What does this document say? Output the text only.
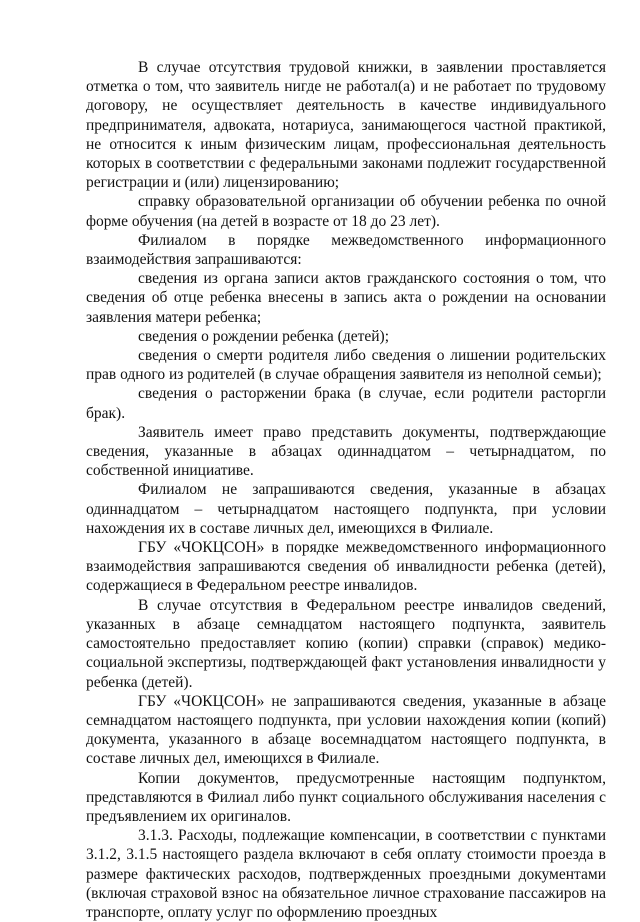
В случае отсутствия трудовой книжки, в заявлении проставляется отметка о том, что заявитель нигде не работал(а) и не работает по трудовому договору, не осуществляет деятельность в качестве индивидуального предпринимателя, адвоката, нотариуса, занимающегося частной практикой, не относится к иным физическим лицам, профессиональная деятельность которых в соответствии с федеральными законами подлежит государственной регистрации и (или) лицензированию;

справку образовательной организации об обучении ребенка по очной форме обучения (на детей в возрасте от 18 до 23 лет).

Филиалом в порядке межведомственного информационного взаимодействия запрашиваются:

сведения из органа записи актов гражданского состояния о том, что сведения об отце ребенка внесены в запись акта о рождении на основании заявления матери ребенка;

сведения о рождении ребенка (детей);

сведения о смерти родителя либо сведения о лишении родительских прав одного из родителей (в случае обращения заявителя из неполной семьи);

сведения о расторжении брака (в случае, если родители расторгли брак).

Заявитель имеет право представить документы, подтверждающие сведения, указанные в абзацах одиннадцатом – четырнадцатом, по собственной инициативе.

Филиалом не запрашиваются сведения, указанные в абзацах одиннадцатом – четырнадцатом настоящего подпункта, при условии нахождения их в составе личных дел, имеющихся в Филиале.

ГБУ «ЧОКЦСОН» в порядке межведомственного информационного взаимодействия запрашиваются сведения об инвалидности ребенка (детей), содержащиеся в Федеральном реестре инвалидов.

В случае отсутствия в Федеральном реестре инвалидов сведений, указанных в абзаце семнадцатом настоящего подпункта, заявитель самостоятельно предоставляет копию (копии) справки (справок) медико-социальной экспертизы, подтверждающей факт установления инвалидности у ребенка (детей).

ГБУ «ЧОКЦСОН» не запрашиваются сведения, указанные в абзаце семнадцатом настоящего подпункта, при условии нахождения копии (копий) документа, указанного в абзаце восемнадцатом настоящего подпункта, в составе личных дел, имеющихся в Филиале.

Копии документов, предусмотренные настоящим подпунктом, представляются в Филиал либо пункт социального обслуживания населения с предъявлением их оригиналов.

3.1.3. Расходы, подлежащие компенсации, в соответствии с пунктами 3.1.2, 3.1.5 настоящего раздела включают в себя оплату стоимости проезда в размере фактических расходов, подтвержденных проездными документами (включая страховой взнос на обязательное личное страхование пассажиров на транспорте, оплату услуг по оформлению проездных
